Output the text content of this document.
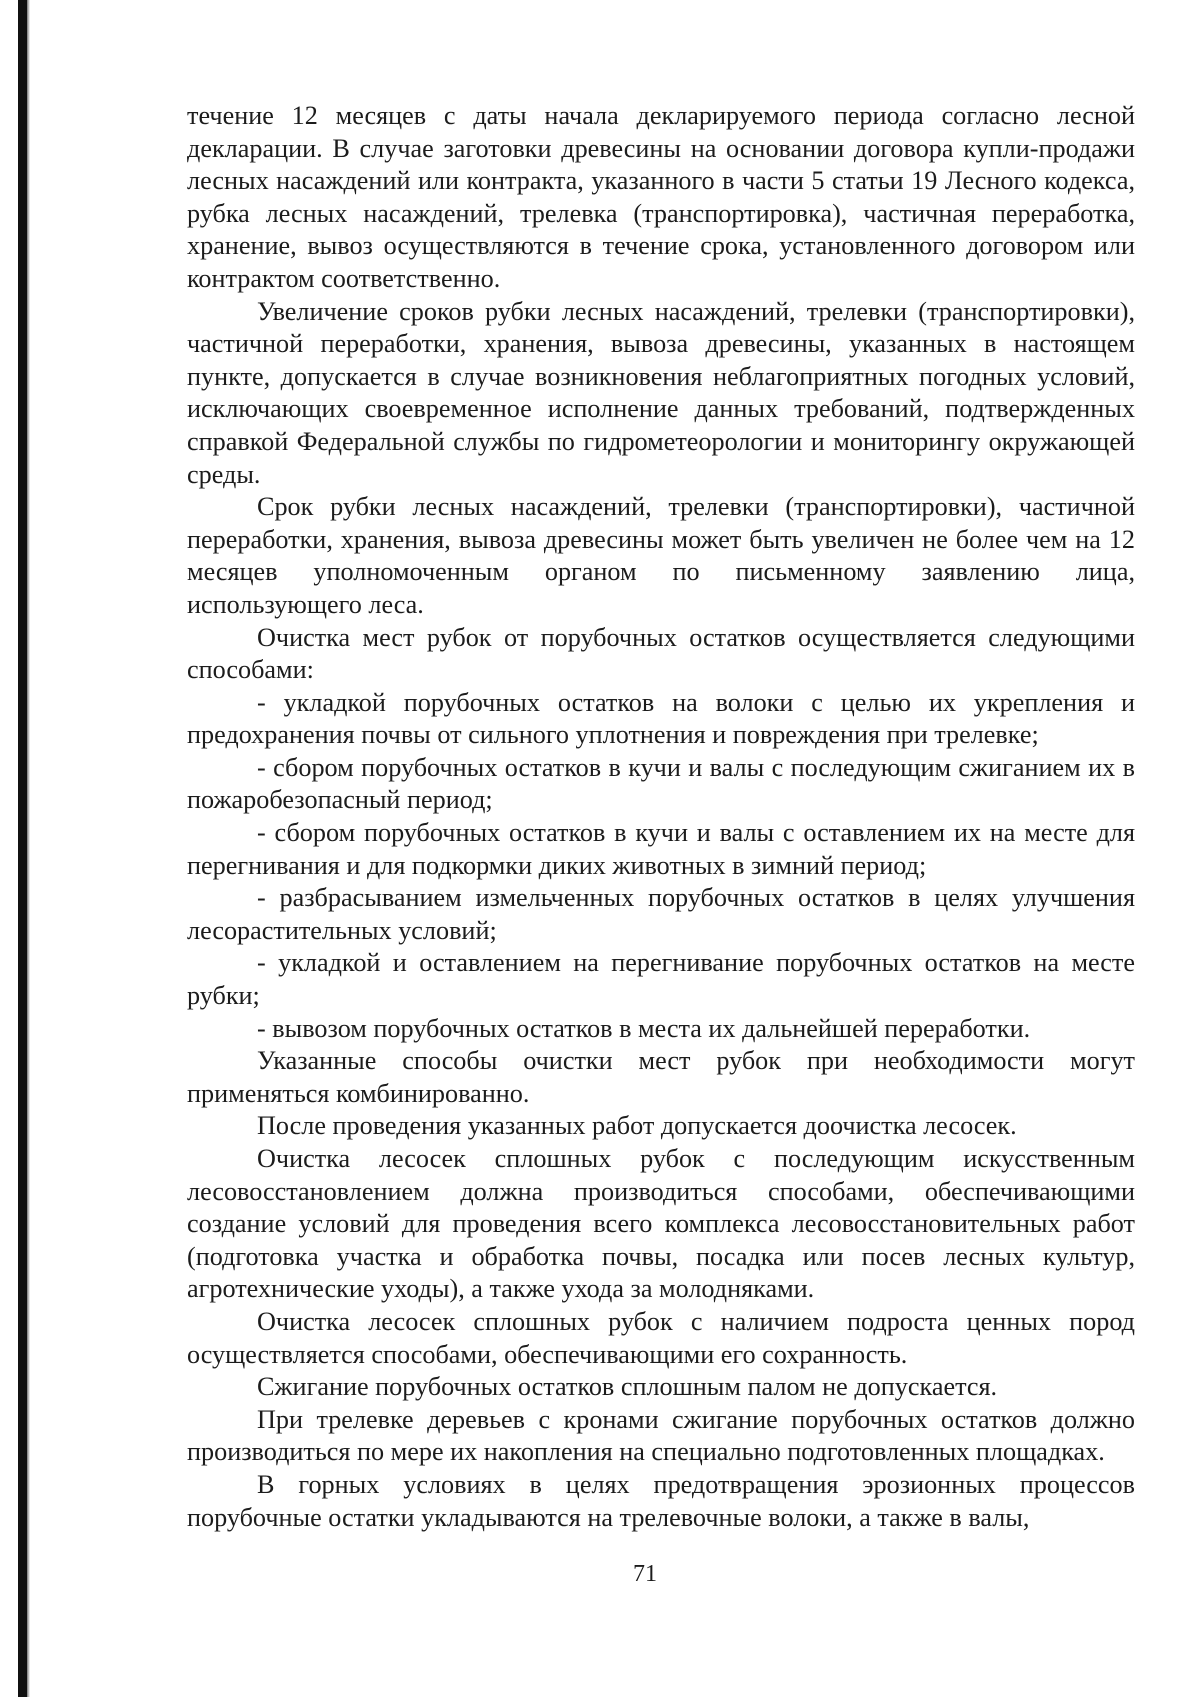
течение 12 месяцев с даты начала декларируемого периода согласно лесной декларации. В случае заготовки древесины на основании договора купли-продажи лесных насаждений или контракта, указанного в части 5 статьи 19 Лесного кодекса, рубка лесных насаждений, трелевка (транспортировка), частичная переработка, хранение, вывоз осуществляются в течение срока, установленного договором или контрактом соответственно.

Увеличение сроков рубки лесных насаждений, трелевки (транспортировки), частичной переработки, хранения, вывоза древесины, указанных в настоящем пункте, допускается в случае возникновения неблагоприятных погодных условий, исключающих своевременное исполнение данных требований, подтвержденных справкой Федеральной службы по гидрометеорологии и мониторингу окружающей среды.

Срок рубки лесных насаждений, трелевки (транспортировки), частичной переработки, хранения, вывоза древесины может быть увеличен не более чем на 12 месяцев уполномоченным органом по письменному заявлению лица, использующего леса.

Очистка мест рубок от порубочных остатков осуществляется следующими способами:

- укладкой порубочных остатков на волоки с целью их укрепления и предохранения почвы от сильного уплотнения и повреждения при трелевке;

- сбором порубочных остатков в кучи и валы с последующим сжиганием их в пожаробезопасный период;

- сбором порубочных остатков в кучи и валы с оставлением их на месте для перегнивания и для подкормки диких животных в зимний период;

- разбрасыванием измельченных порубочных остатков в целях улучшения лесорастительных условий;

- укладкой и оставлением на перегнивание порубочных остатков на месте рубки;

- вывозом порубочных остатков в места их дальнейшей переработки.

Указанные способы очистки мест рубок при необходимости могут применяться комбинированно.

После проведения указанных работ допускается доочистка лесосек.

Очистка лесосек сплошных рубок с последующим искусственным лесовосстановлением должна производиться способами, обеспечивающими создание условий для проведения всего комплекса лесовосстановительных работ (подготовка участка и обработка почвы, посадка или посев лесных культур, агротехнические уходы), а также ухода за молодняками.

Очистка лесосек сплошных рубок с наличием подроста ценных пород осуществляется способами, обеспечивающими его сохранность.

Сжигание порубочных остатков сплошным палом не допускается.

При трелевке деревьев с кронами сжигание порубочных остатков должно производиться по мере их накопления на специально подготовленных площадках.

В горных условиях в целях предотвращения эрозионных процессов порубочные остатки укладываются на трелевочные волоки, а также в валы,

71
